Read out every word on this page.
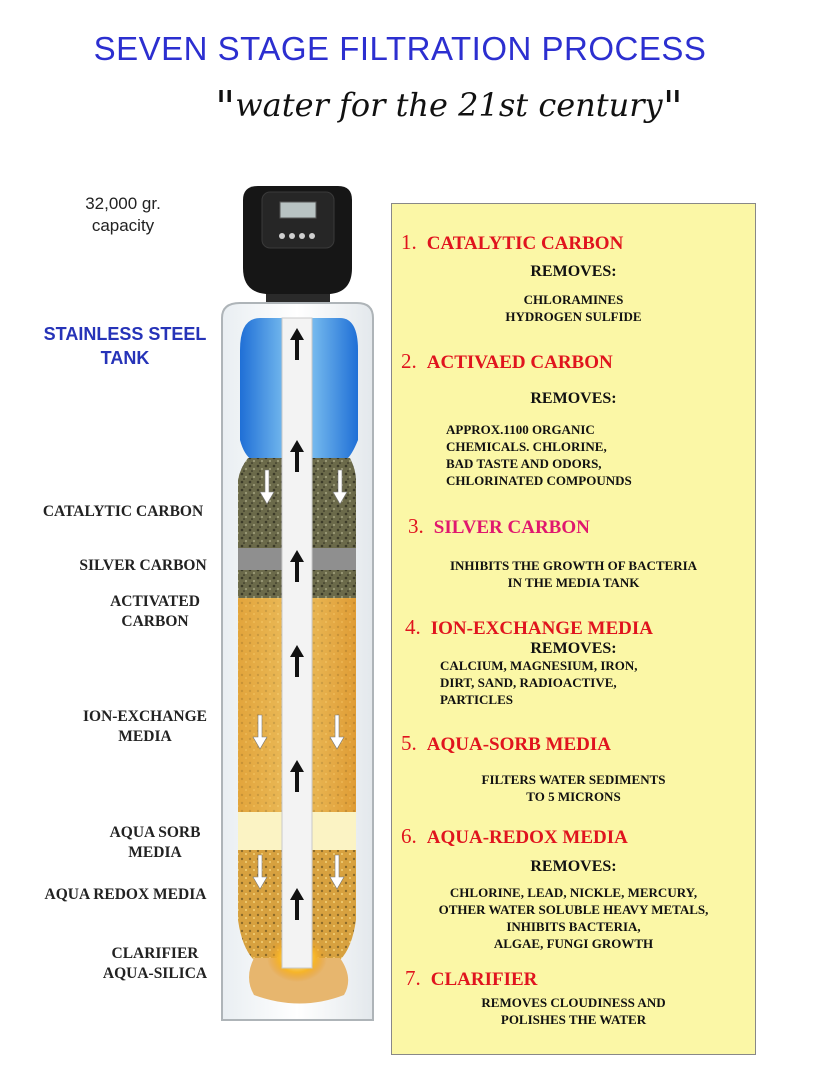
SEVEN STAGE FILTRATION PROCESS
"water for the 21st century"
32,000 gr.
capacity
STAINLESS STEEL
TANK
CATALYTIC CARBON
SILVER CARBON
ACTIVATED
CARBON
ION-EXCHANGE
MEDIA
AQUA SORB
MEDIA
AQUA REDOX MEDIA
CLARIFIER
AQUA-SILICA
1. CATALYTIC CARBON
REMOVES:
CHLORAMINES
HYDROGEN SULFIDE
2. ACTIVAED CARBON
REMOVES:
APPROX.1100 ORGANIC
CHEMICALS. CHLORINE,
BAD TASTE AND ODORS,
CHLORINATED COMPOUNDS
3. SILVER CARBON
INHIBITS THE GROWTH OF BACTERIA
IN THE MEDIA TANK
4. ION-EXCHANGE MEDIA
REMOVES:
CALCIUM, MAGNESIUM, IRON,
DIRT, SAND, RADIOACTIVE,
PARTICLES
5. AQUA-SORB MEDIA
FILTERS WATER SEDIMENTS
TO 5 MICRONS
6. AQUA-REDOX MEDIA
REMOVES:
CHLORINE, LEAD, NICKLE, MERCURY,
OTHER WATER SOLUBLE HEAVY METALS,
INHIBITS BACTERIA,
ALGAE, FUNGI GROWTH
7. CLARIFIER
REMOVES CLOUDINESS AND
POLISHES THE WATER
